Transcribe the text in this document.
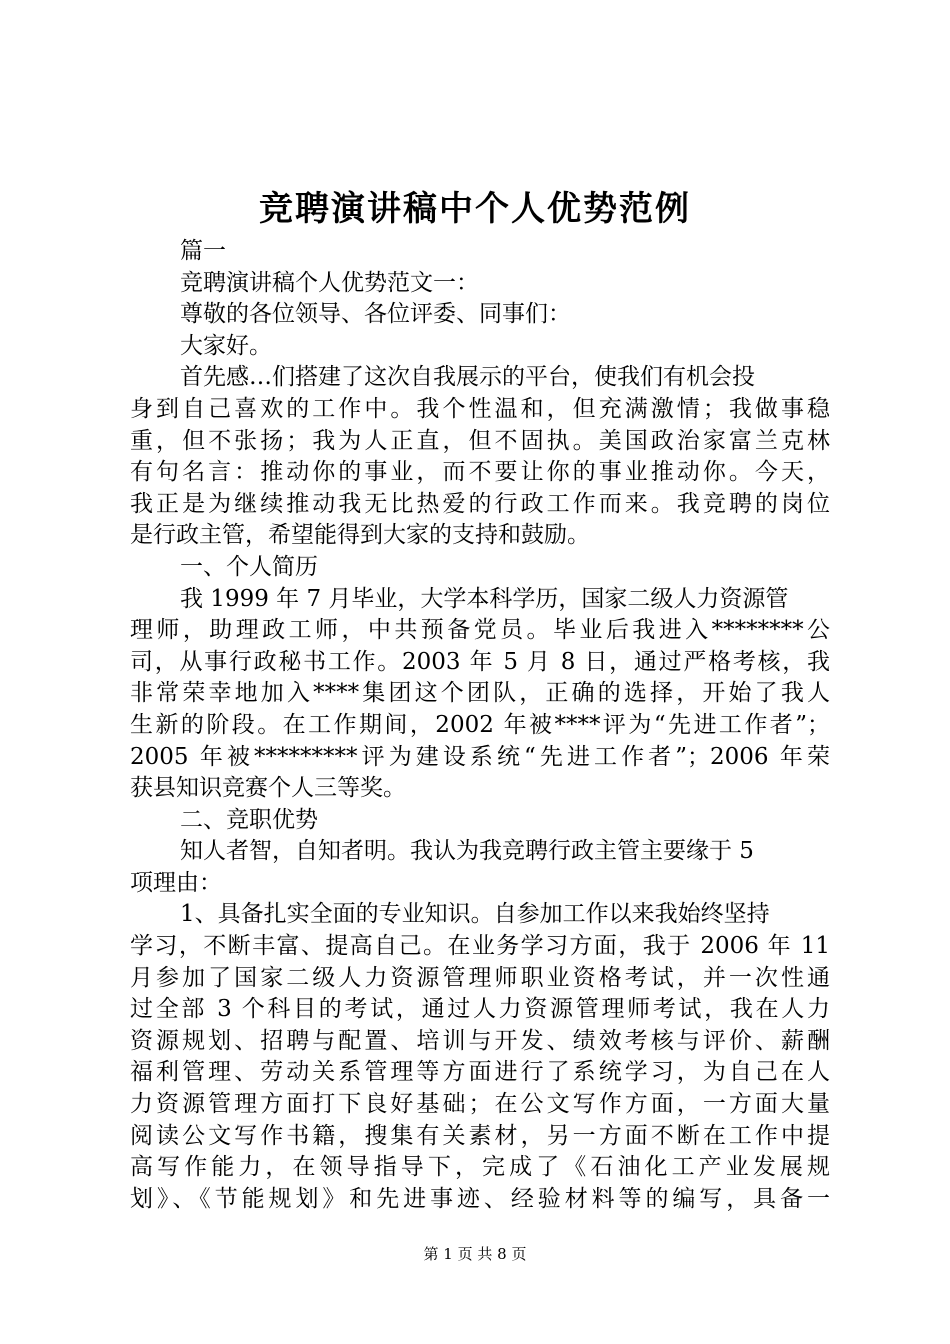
竞聘演讲稿中个人优势范例
篇一
竞聘演讲稿个人优势范文一：
尊敬的各位领导、各位评委、同事们：
大家好。
首先感…们搭建了这次自我展示的平台，使我们有机会投
身到自己喜欢的工作中。我个性温和，但充满激情；我做事稳
重，但不张扬；我为人正直，但不固执。美国政治家富兰克林
有句名言：推动你的事业，而不要让你的事业推动你。今天，
我正是为继续推动我无比热爱的行政工作而来。我竞聘的岗位
是行政主管，希望能得到大家的支持和鼓励。
一、个人简历
我 1999 年 7 月毕业，大学本科学历，国家二级人力资源管
理师，助理政工师，中共预备党员。毕业后我进入********公
司，从事行政秘书工作。2003 年 5 月 8 日，通过严格考核，我
非常荣幸地加入****集团这个团队，正确的选择，开始了我人
生新的阶段。在工作期间，2002 年被****评为“先进工作者”；
2005 年被*********评为建设系统“先进工作者”；2006 年荣
获县知识竞赛个人三等奖。
二、竞职优势
知人者智，自知者明。我认为我竞聘行政主管主要缘于 5
项理由：
1、具备扎实全面的专业知识。自参加工作以来我始终坚持
学习，不断丰富、提高自己。在业务学习方面，我于 2006 年 11
月参加了国家二级人力资源管理师职业资格考试，并一次性通
过全部 3 个科目的考试，通过人力资源管理师考试，我在人力
资源规划、招聘与配置、培训与开发、绩效考核与评价、薪酬
福利管理、劳动关系管理等方面进行了系统学习，为自己在人
力资源管理方面打下良好基础；在公文写作方面，一方面大量
阅读公文写作书籍，搜集有关素材，另一方面不断在工作中提
高写作能力，在领导指导下，完成了《石油化工产业发展规
划》、《节能规划》和先进事迹、经验材料等的编写，具备一
第 1 页 共 8 页
